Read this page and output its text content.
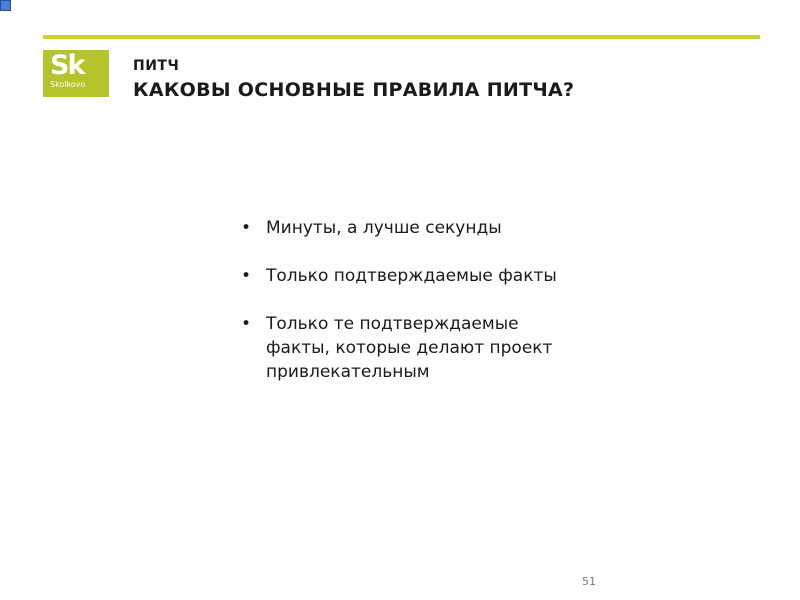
Sk
Skolkovo
ПИТЧ
КАКОВЫ ОСНОВНЫЕ ПРАВИЛА ПИТЧА?
• Минуты, а лучше секунды
• Только подтверждаемые факты
• Только те подтверждаемые факты, которые делают проект привлекательным
51
